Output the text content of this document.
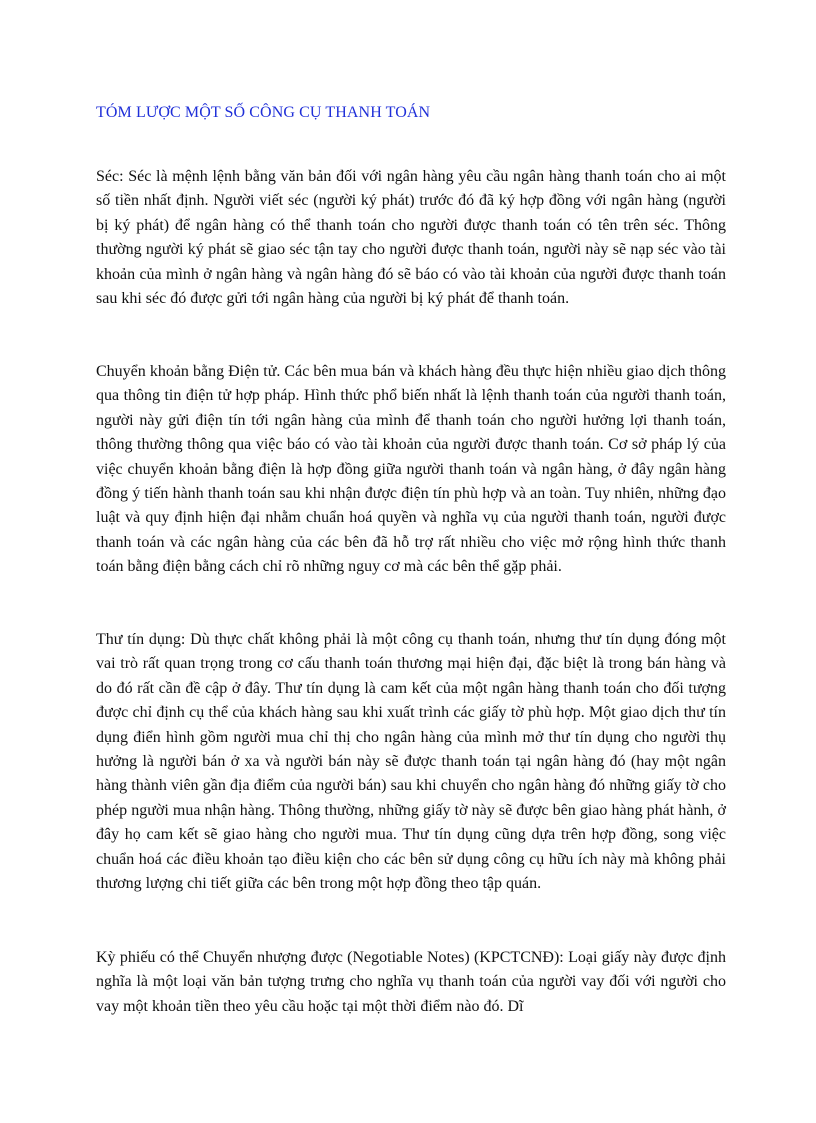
TÓM LƯỢC MỘT SỐ CÔNG CỤ THANH TOÁN

Séc: Séc là mệnh lệnh bằng văn bản đối với ngân hàng yêu cầu ngân hàng thanh toán cho ai một số tiền nhất định. Người viết séc (người ký phát) trước đó đã ký hợp đồng với ngân hàng (người bị ký phát) để ngân hàng có thể thanh toán cho người được thanh toán có tên trên séc. Thông thường người ký phát sẽ giao séc tận tay cho người được thanh toán, người này sẽ nạp séc vào tài khoản của mình ở ngân hàng và ngân hàng đó sẽ báo có vào tài khoản của người được thanh toán sau khi séc đó được gửi tới ngân hàng của người bị ký phát để thanh toán.

Chuyển khoản bằng Điện tử. Các bên mua bán và khách hàng đều thực hiện nhiều giao dịch thông qua thông tin điện tử hợp pháp. Hình thức phổ biến nhất là lệnh thanh toán của người thanh toán, người này gửi điện tín tới ngân hàng của mình để thanh toán cho người hưởng lợi thanh toán, thông thường thông qua việc báo có vào tài khoản của người được thanh toán. Cơ sở pháp lý của việc chuyển khoản bằng điện là hợp đồng giữa người thanh toán và ngân hàng, ở đây ngân hàng đồng ý tiến hành thanh toán sau khi nhận được điện tín phù hợp và an toàn. Tuy nhiên, những đạo luật và quy định hiện đại nhằm chuẩn hoá quyền và nghĩa vụ của người thanh toán, người được thanh toán và các ngân hàng của các bên đã hỗ trợ rất nhiều cho việc mở rộng hình thức thanh toán bằng điện bằng cách chỉ rõ những nguy cơ mà các bên thể gặp phải.

Thư tín dụng: Dù thực chất không phải là một công cụ thanh toán, nhưng thư tín dụng đóng một vai trò rất quan trọng trong cơ cấu thanh toán thương mại hiện đại, đặc biệt là trong bán hàng và do đó rất cần đề cập ở đây. Thư tín dụng là cam kết của một ngân hàng thanh toán cho đối tượng được chỉ định cụ thể của khách hàng sau khi xuất trình các giấy tờ phù hợp. Một giao dịch thư tín dụng điển hình gồm người mua chỉ thị cho ngân hàng của mình mở thư tín dụng cho người thụ hưởng là người bán ở xa và người bán này sẽ được thanh toán tại ngân hàng đó (hay một ngân hàng thành viên gần địa điểm của người bán) sau khi chuyển cho ngân hàng đó những giấy tờ cho phép người mua nhận hàng. Thông thường, những giấy tờ này sẽ được bên giao hàng phát hành, ở đây họ cam kết sẽ giao hàng cho người mua. Thư tín dụng cũng dựa trên hợp đồng, song việc chuẩn hoá các điều khoản tạo điều kiện cho các bên sử dụng công cụ hữu ích này mà không phải thương lượng chi tiết giữa các bên trong một hợp đồng theo tập quán.

Kỳ phiếu có thể Chuyển nhượng được (Negotiable Notes) (KPCTCNĐ): Loại giấy này được định nghĩa là một loại văn bản tượng trưng cho nghĩa vụ thanh toán của người vay đối với người cho vay một khoản tiền theo yêu cầu hoặc tại một thời điểm nào đó. Dĩ
